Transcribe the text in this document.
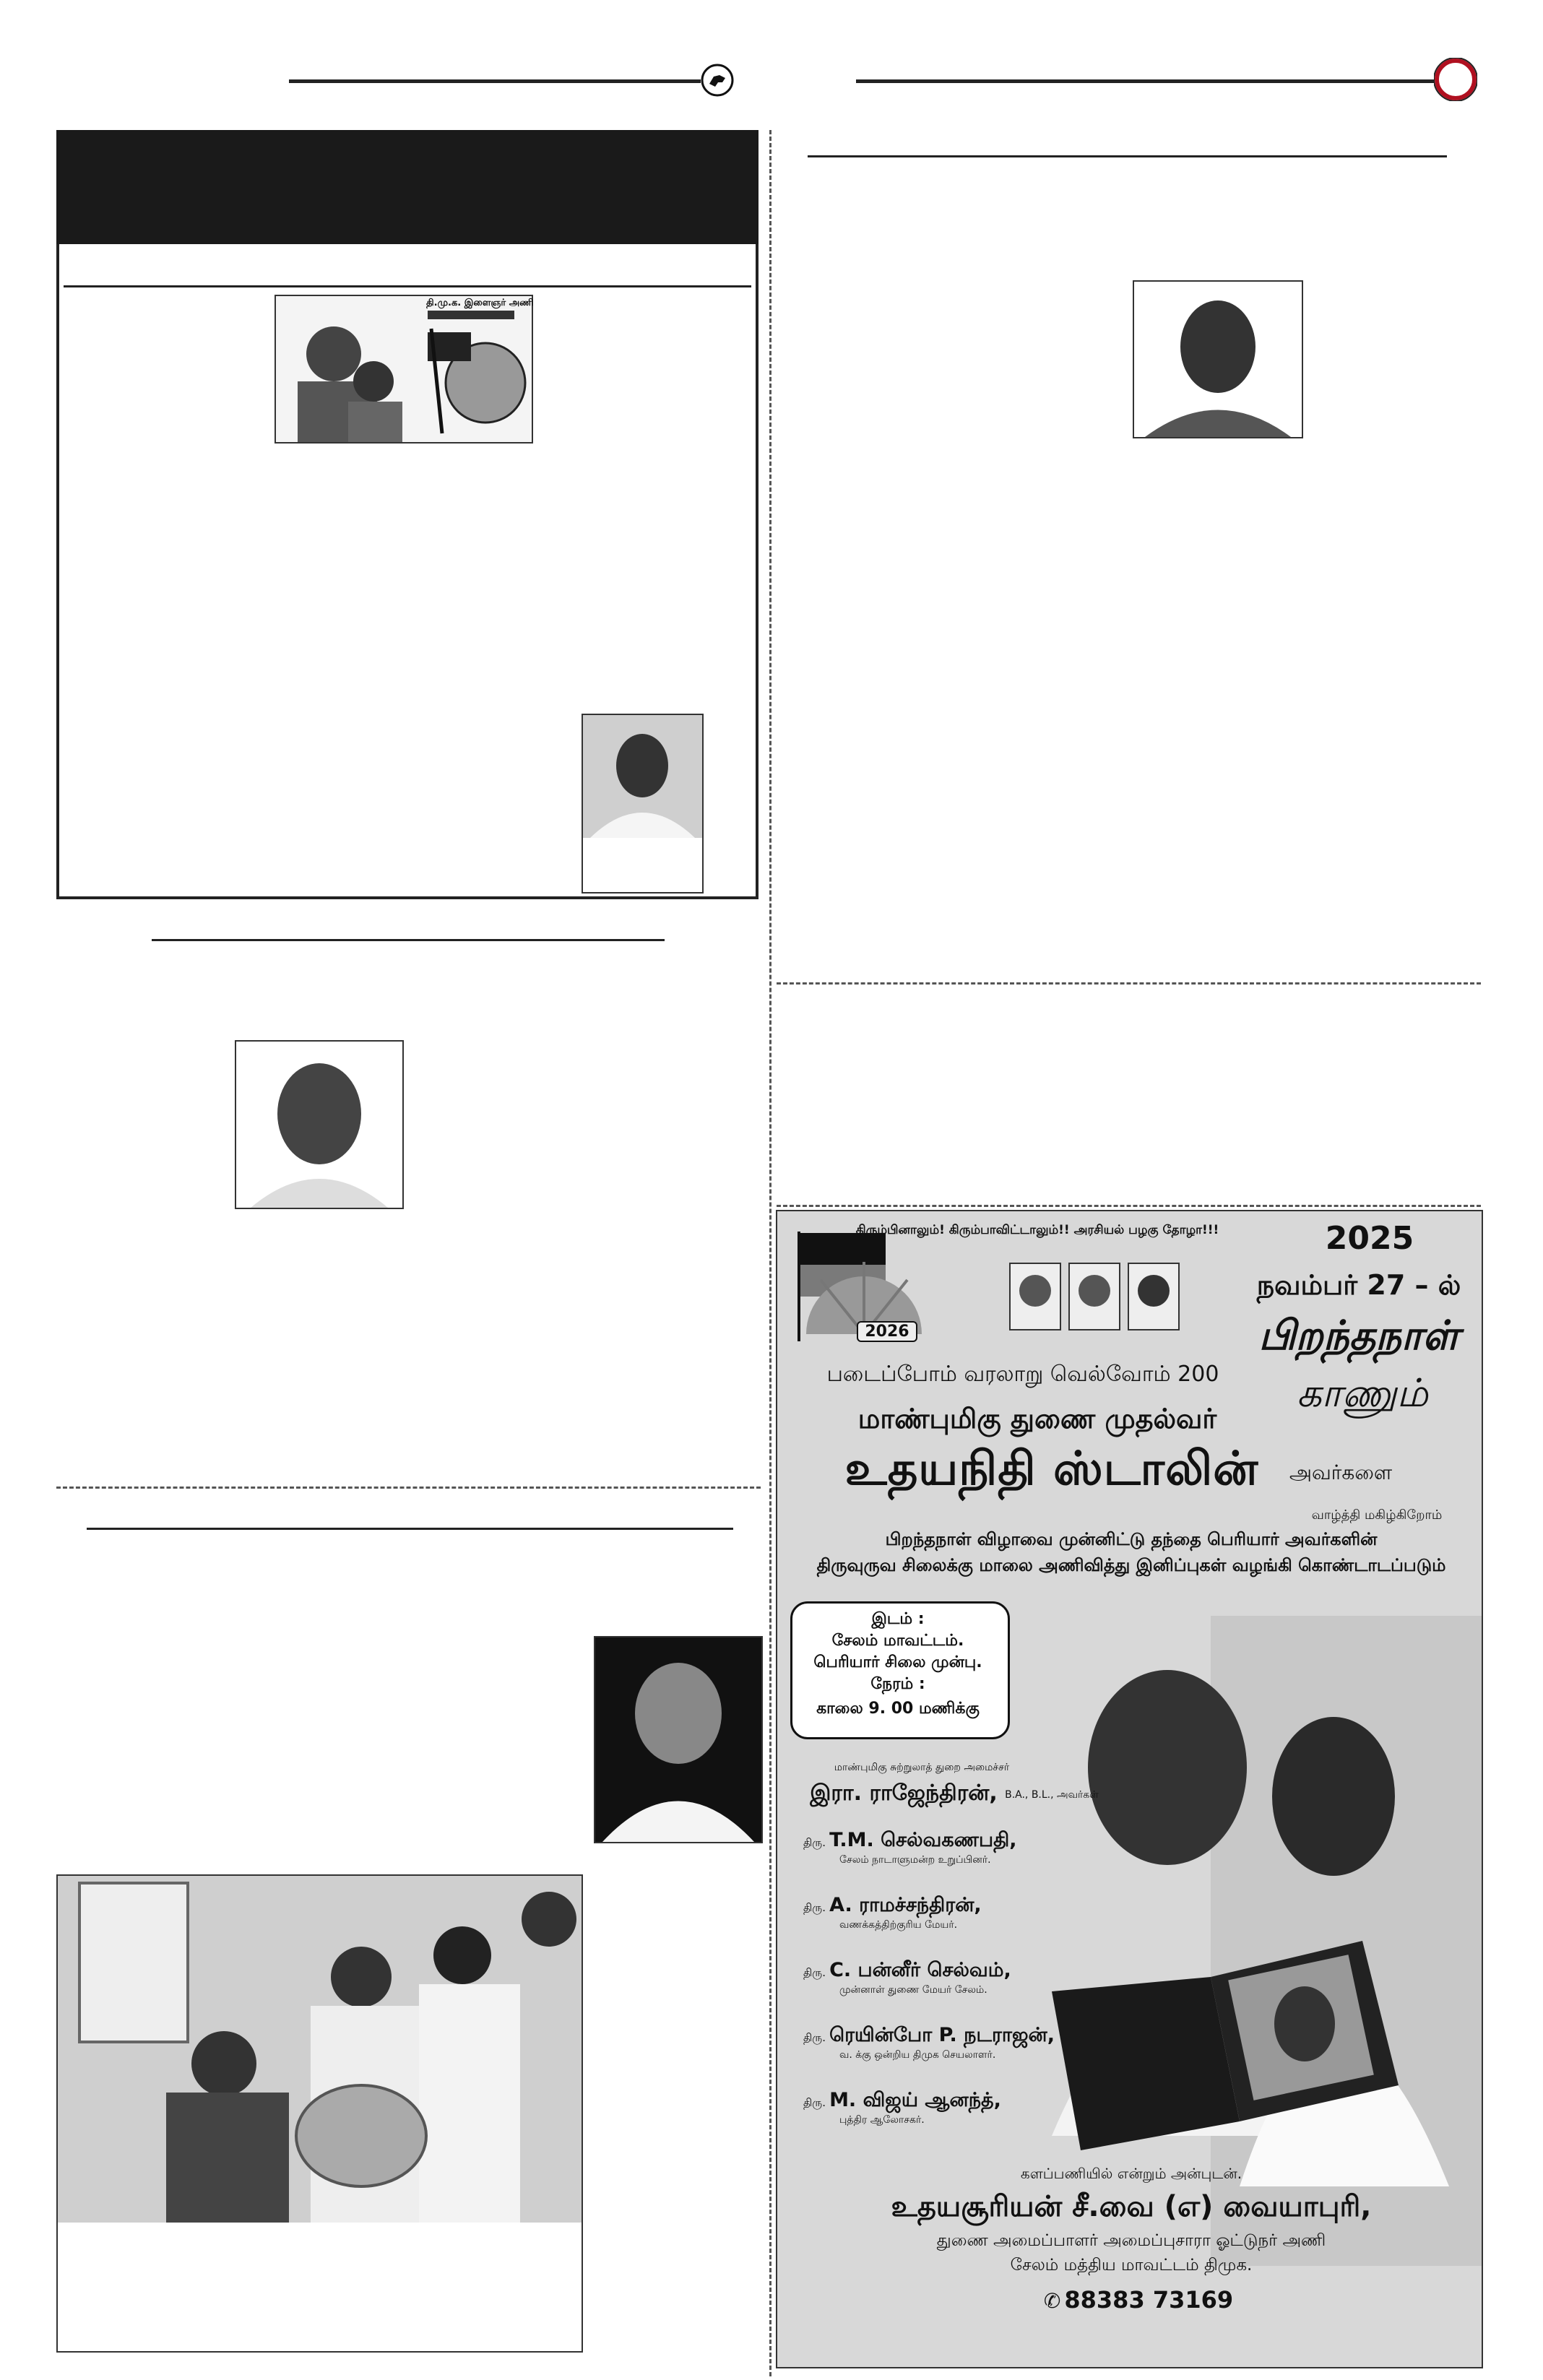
தி.மு.க. இளைஞர் அணி
கிரும்பினாலும்! கிரும்பாவிட்டாலும்!! அரசியல் பழகு தோழா!!!	2025
நவம்பர் 27 – ல்
பிறந்தநாள்
காணும்
2026
படைப்போம் வரலாறு வெல்வோம் 200
மாண்புமிகு துணை முதல்வர்
உதயநிதி ஸ்டாலின்	அவர்களை
வாழ்த்தி மகிழ்கிறோம்
பிறந்தநாள் விழாவை முன்னிட்டு தந்தை பெரியார் அவர்களின்
திருவுருவ சிலைக்கு மாலை அணிவித்து இனிப்புகள் வழங்கி கொண்டாடப்படும்
இடம் :
சேலம் மாவட்டம்.
பெரியார் சிலை முன்பு.
நேரம் :
காலை 9. 00 மணிக்கு
மாண்புமிகு சுற்றுலாத் துறை அமைச்சர்
இரா. ராஜேந்திரன், B.A., B.L., அவர்கள்
திரு. T.M. செல்வகணபதி,
சேலம் நாடாளுமன்ற உறுப்பினர்.
திரு. A. ராமச்சந்திரன்,
வணக்கத்திற்குரிய மேயர்.
திரு. C. பன்னீர் செல்வம்,
முன்னாள் துணை மேயர் சேலம்.
திரு. ரெயின்போ P. நடராஜன்,
வ. க்கு ஒன்றிய திமுக செயலாளர்.
திரு. M. விஜய் ஆனந்த்,
புத்திர ஆலோசகர்.
களப்பணியில் என்றும் அன்புடன்.
உதயசூரியன் சீ.வை (எ) வையாபுரி,
துணை அமைப்பாளர் அமைப்புசாரா ஓட்டுநர் அணி
சேலம் மத்திய மாவட்டம் திமுக.
✆ 88383 73169
